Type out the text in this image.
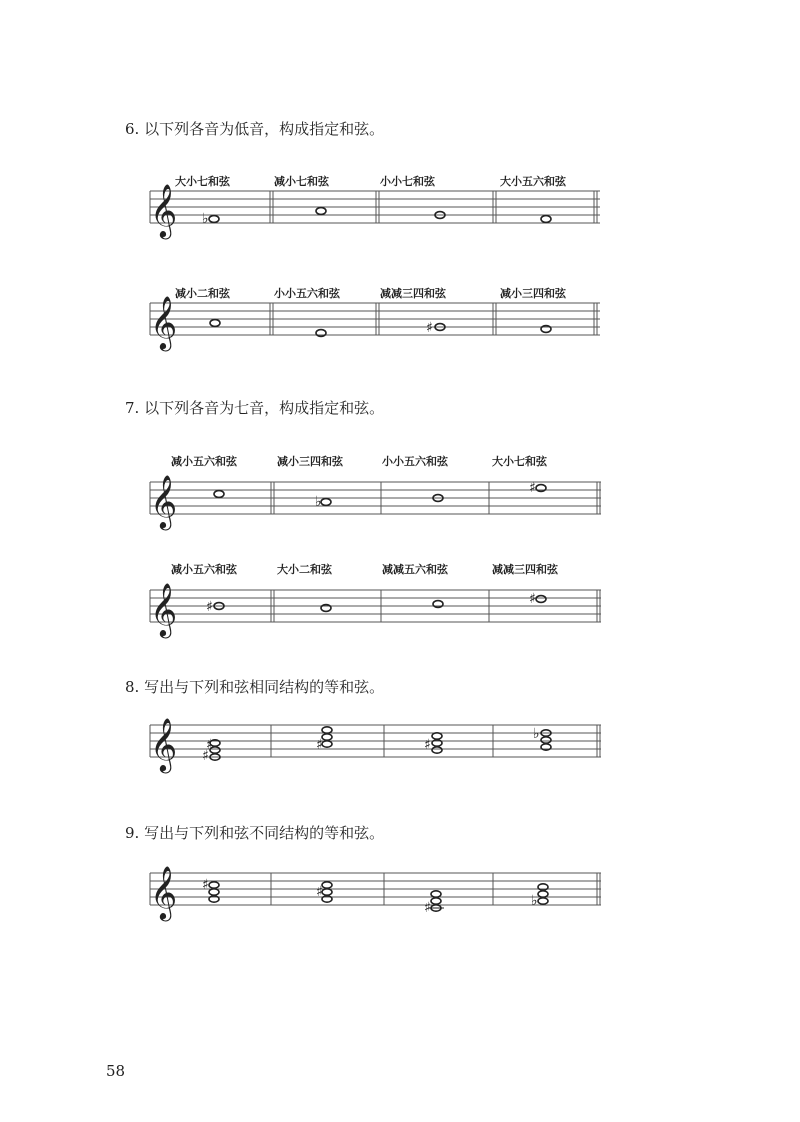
6. 以下列各音为低音，构成指定和弦。
7. 以下列各音为七音，构成指定和弦。
8. 写出与下列和弦相同结构的等和弦。
9. 写出与下列和弦不同结构的等和弦。
大小七和弦	减小七和弦	小小七和弦	大小五六和弦
减小二和弦	小小五六和弦	减减三四和弦	减小三四和弦
减小五六和弦	减小三四和弦	小小五六和弦	大小七和弦
减小五六和弦	大小二和弦	减减五六和弦	减减三四和弦
𝄞
𝄞
𝄞
𝄞
𝄞
𝄞
♭
♯
♭
♯
♯	♯
♯
♯	♯	♯
♭
♯	♯
♯	♭
58
